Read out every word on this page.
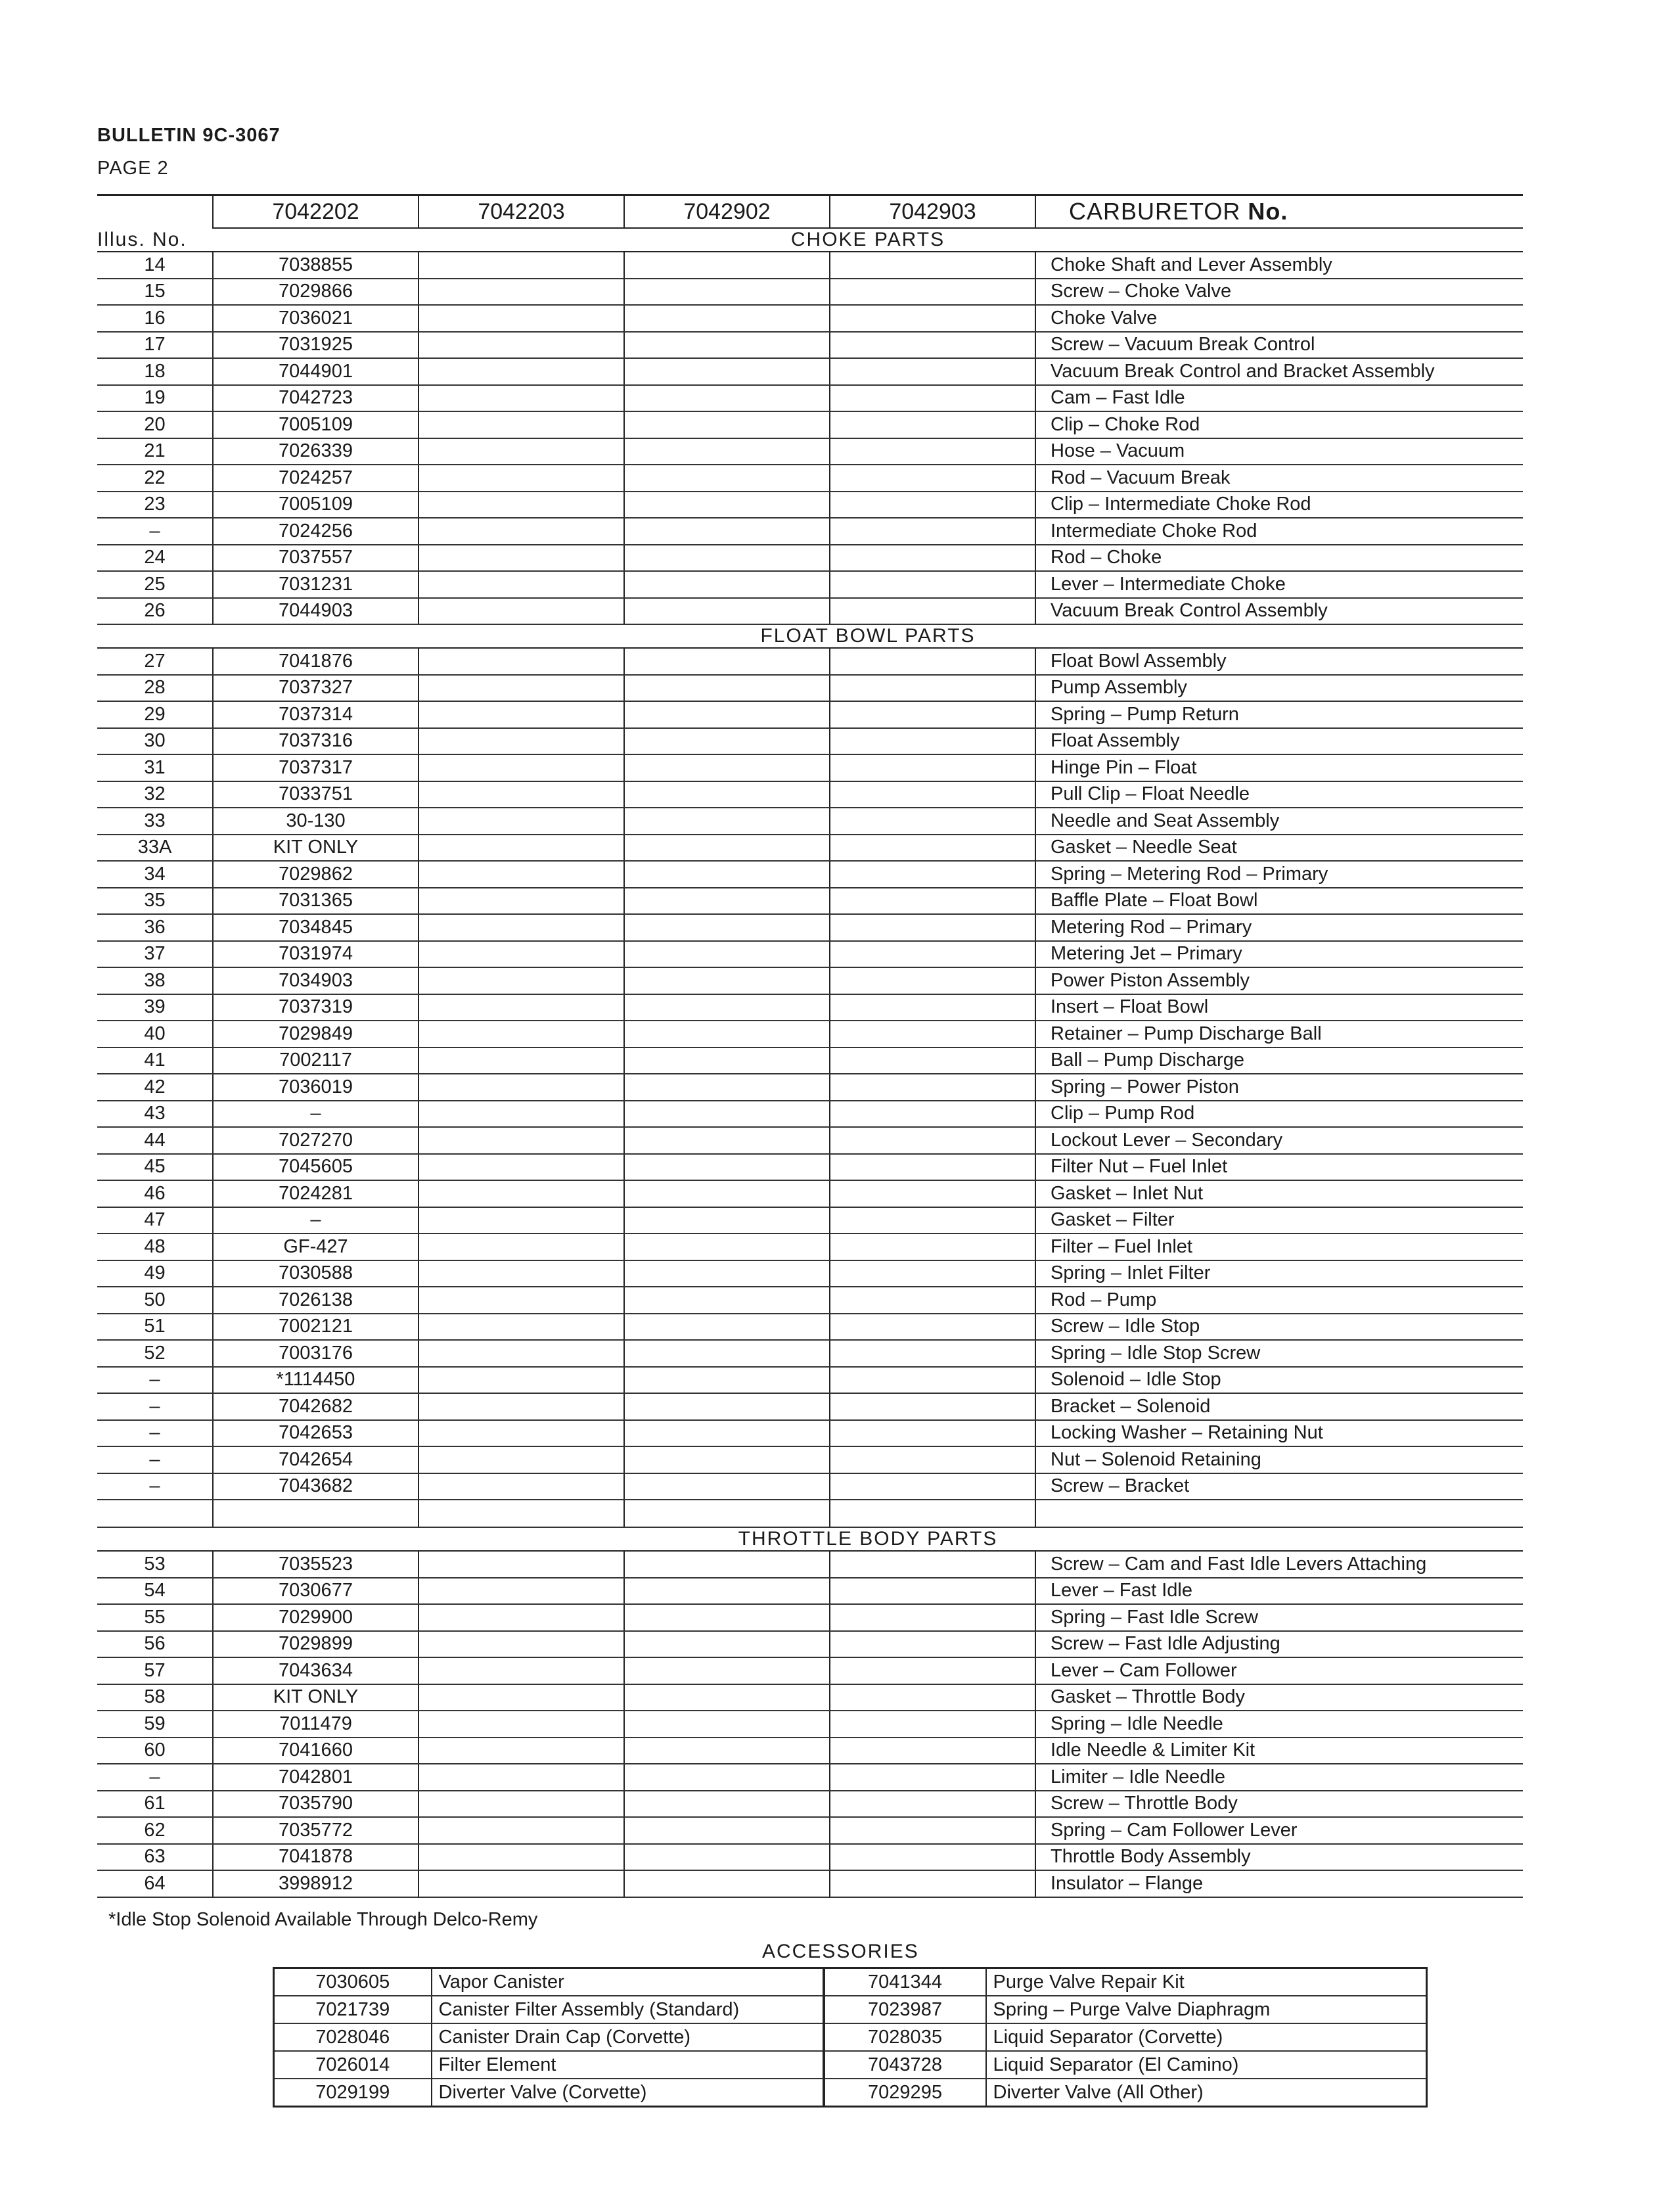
BULLETIN 9C-3067
PAGE 2
	7042202	7042203	7042902	7042903	CARBURETOR No.
Illus. No.	CHOKE PARTS				
14	7038855				Choke Shaft and Lever Assembly
15	7029866				Screw – Choke Valve
16	7036021				Choke Valve
17	7031925				Screw – Vacuum Break Control
18	7044901				Vacuum Break Control and Bracket Assembly
19	7042723				Cam – Fast Idle
20	7005109				Clip – Choke Rod
21	7026339				Hose – Vacuum
22	7024257				Rod – Vacuum Break
23	7005109				Clip – Intermediate Choke Rod
–	7024256				Intermediate Choke Rod
24	7037557				Rod – Choke
25	7031231				Lever – Intermediate Choke
26	7044903				Vacuum Break Control Assembly
	FLOAT BOWL PARTS				
27	7041876				Float Bowl Assembly
28	7037327				Pump Assembly
29	7037314				Spring – Pump Return
30	7037316				Float Assembly
31	7037317				Hinge Pin – Float
32	7033751				Pull Clip – Float Needle
33	30-130				Needle and Seat Assembly
33A	KIT ONLY				Gasket – Needle Seat
34	7029862				Spring – Metering Rod – Primary
35	7031365				Baffle Plate – Float Bowl
36	7034845				Metering Rod – Primary
37	7031974				Metering Jet – Primary
38	7034903				Power Piston Assembly
39	7037319				Insert – Float Bowl
40	7029849				Retainer – Pump Discharge Ball
41	7002117				Ball – Pump Discharge
42	7036019				Spring – Power Piston
43	–				Clip – Pump Rod
44	7027270				Lockout Lever – Secondary
45	7045605				Filter Nut – Fuel Inlet
46	7024281				Gasket – Inlet Nut
47	–				Gasket – Filter
48	GF-427				Filter – Fuel Inlet
49	7030588				Spring – Inlet Filter
50	7026138				Rod – Pump
51	7002121				Screw – Idle Stop
52	7003176				Spring – Idle Stop Screw
–	*1114450				Solenoid – Idle Stop
–	7042682				Bracket – Solenoid
–	7042653				Locking Washer – Retaining Nut
–	7042654				Nut – Solenoid Retaining
–	7043682				Screw – Bracket

	THROTTLE BODY PARTS				
53	7035523				Screw – Cam and Fast Idle Levers Attaching
54	7030677				Lever – Fast Idle
55	7029900				Spring – Fast Idle Screw
56	7029899				Screw – Fast Idle Adjusting
57	7043634				Lever – Cam Follower
58	KIT ONLY				Gasket – Throttle Body
59	7011479				Spring – Idle Needle
60	7041660				Idle Needle & Limiter Kit
–	7042801				Limiter – Idle Needle
61	7035790				Screw – Throttle Body
62	7035772				Spring – Cam Follower Lever
63	7041878				Throttle Body Assembly
64	3998912				Insulator – Flange
*Idle Stop Solenoid Available Through Delco-Remy
ACCESSORIES
7030605	Vapor Canister	7041344	Purge Valve Repair Kit
7021739	Canister Filter Assembly (Standard)	7023987	Spring – Purge Valve Diaphragm
7028046	Canister Drain Cap (Corvette)	7028035	Liquid Separator (Corvette)
7026014	Filter Element	7043728	Liquid Separator (El Camino)
7029199	Diverter Valve (Corvette)	7029295	Diverter Valve (All Other)
